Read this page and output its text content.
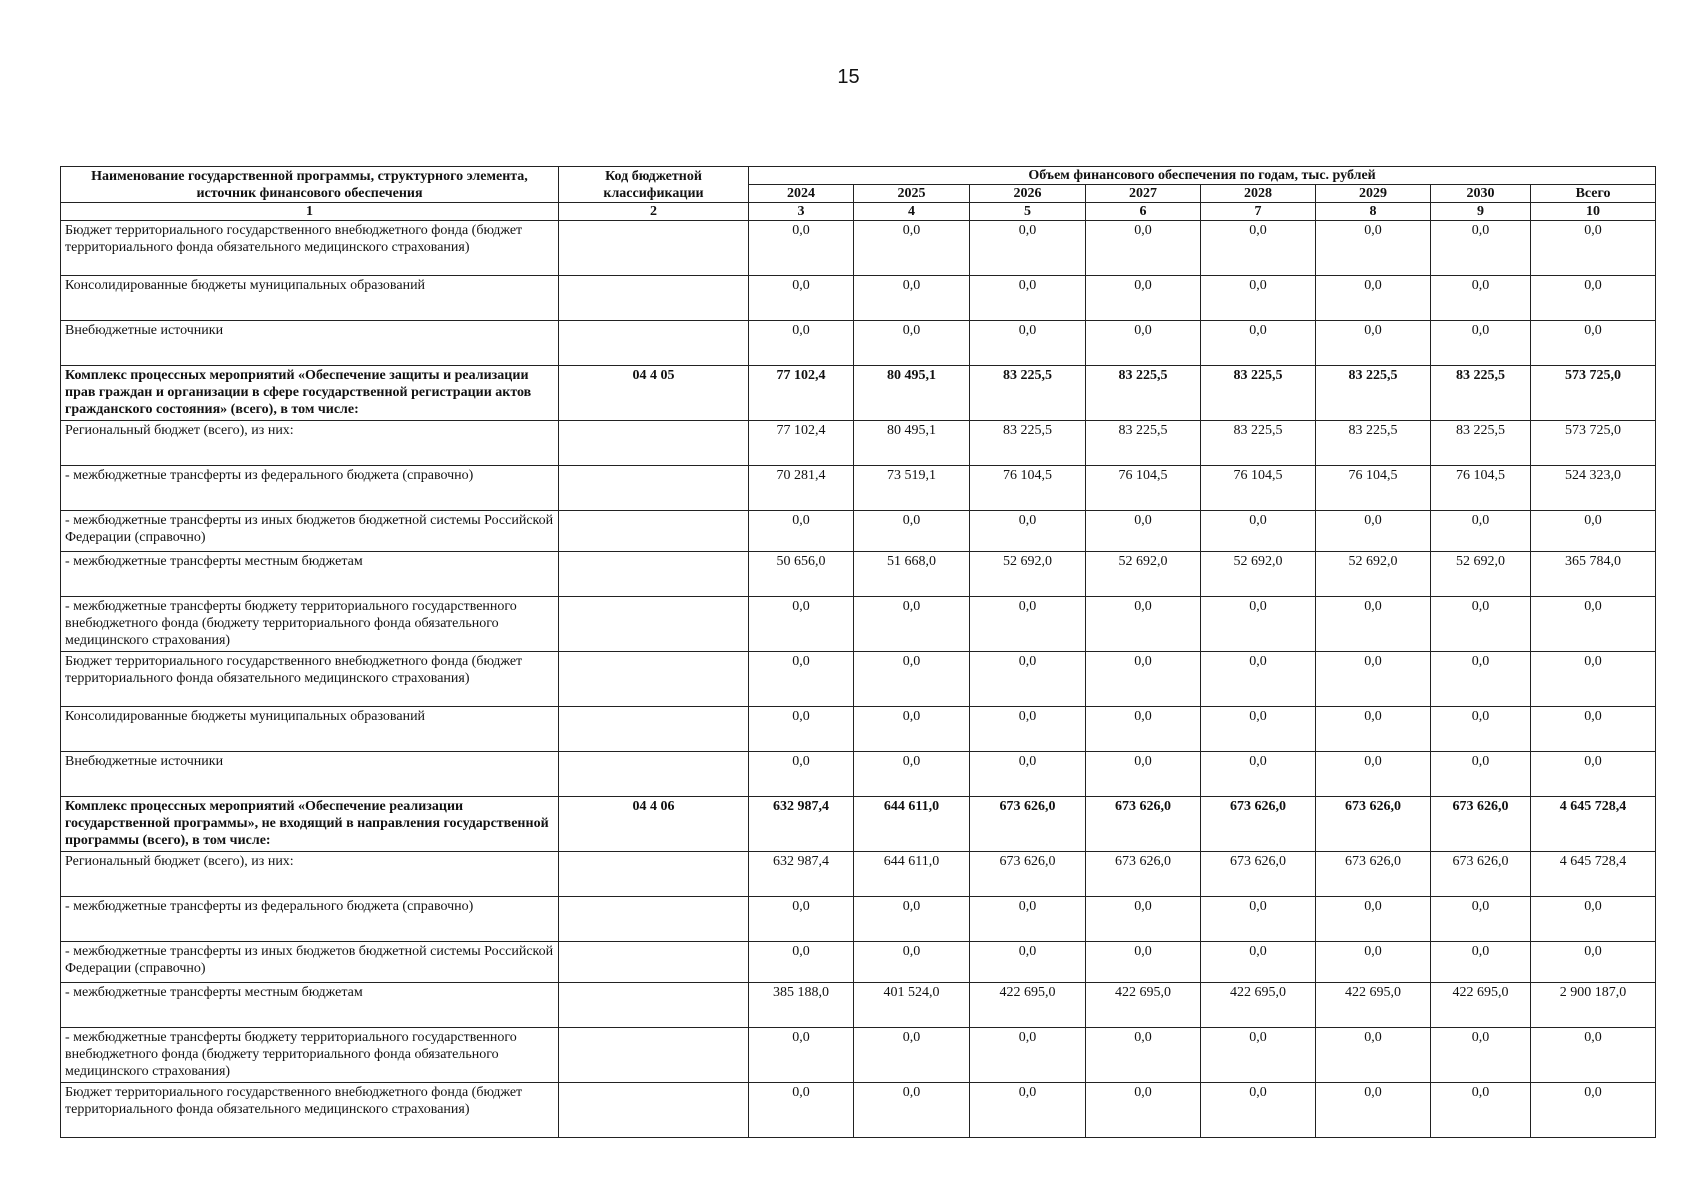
15
Наименование государственной программы, структурного элемента, источник финансового обеспечения	Код бюджетной классификации	Объем финансового обеспечения по годам, тыс. рублей							
		2024	2025	2026	2027	2028	2029	2030	Всего
1	2	3	4	5	6	7	8	9	10
Бюджет территориального государственного внебюджетного фонда (бюджет территориального фонда обязательного медицинского страхования)		0,0	0,0	0,0	0,0	0,0	0,0	0,0	0,0
Консолидированные бюджеты муниципальных образований		0,0	0,0	0,0	0,0	0,0	0,0	0,0	0,0
Внебюджетные источники		0,0	0,0	0,0	0,0	0,0	0,0	0,0	0,0
Комплекс процессных мероприятий «Обеспечение защиты и реализации прав граждан и организации в сфере государственной регистрации актов гражданского состояния» (всего), в том числе:	04 4 05	77 102,4	80 495,1	83 225,5	83 225,5	83 225,5	83 225,5	83 225,5	573 725,0
Региональный бюджет (всего), из них:		77 102,4	80 495,1	83 225,5	83 225,5	83 225,5	83 225,5	83 225,5	573 725,0
- межбюджетные трансферты из федерального бюджета (справочно)		70 281,4	73 519,1	76 104,5	76 104,5	76 104,5	76 104,5	76 104,5	524 323,0
- межбюджетные трансферты из иных бюджетов бюджетной системы Российской Федерации (справочно)		0,0	0,0	0,0	0,0	0,0	0,0	0,0	0,0
- межбюджетные трансферты местным бюджетам		50 656,0	51 668,0	52 692,0	52 692,0	52 692,0	52 692,0	52 692,0	365 784,0
- межбюджетные трансферты бюджету территориального государственного внебюджетного фонда (бюджету территориального фонда обязательного медицинского страхования)		0,0	0,0	0,0	0,0	0,0	0,0	0,0	0,0
Бюджет территориального государственного внебюджетного фонда (бюджет территориального фонда обязательного медицинского страхования)		0,0	0,0	0,0	0,0	0,0	0,0	0,0	0,0
Консолидированные бюджеты муниципальных образований		0,0	0,0	0,0	0,0	0,0	0,0	0,0	0,0
Внебюджетные источники		0,0	0,0	0,0	0,0	0,0	0,0	0,0	0,0
Комплекс процессных мероприятий «Обеспечение реализации государственной программы», не входящий в направления государственной программы (всего), в том числе:	04 4 06	632 987,4	644 611,0	673 626,0	673 626,0	673 626,0	673 626,0	673 626,0	4 645 728,4
Региональный бюджет (всего), из них:		632 987,4	644 611,0	673 626,0	673 626,0	673 626,0	673 626,0	673 626,0	4 645 728,4
- межбюджетные трансферты из федерального бюджета (справочно)		0,0	0,0	0,0	0,0	0,0	0,0	0,0	0,0
- межбюджетные трансферты из иных бюджетов бюджетной системы Российской Федерации (справочно)		0,0	0,0	0,0	0,0	0,0	0,0	0,0	0,0
- межбюджетные трансферты местным бюджетам		385 188,0	401 524,0	422 695,0	422 695,0	422 695,0	422 695,0	422 695,0	2 900 187,0
- межбюджетные трансферты бюджету территориального государственного внебюджетного фонда (бюджету территориального фонда обязательного медицинского страхования)		0,0	0,0	0,0	0,0	0,0	0,0	0,0	0,0
Бюджет территориального государственного внебюджетного фонда (бюджет территориального фонда обязательного медицинского страхования)		0,0	0,0	0,0	0,0	0,0	0,0	0,0	0,0
